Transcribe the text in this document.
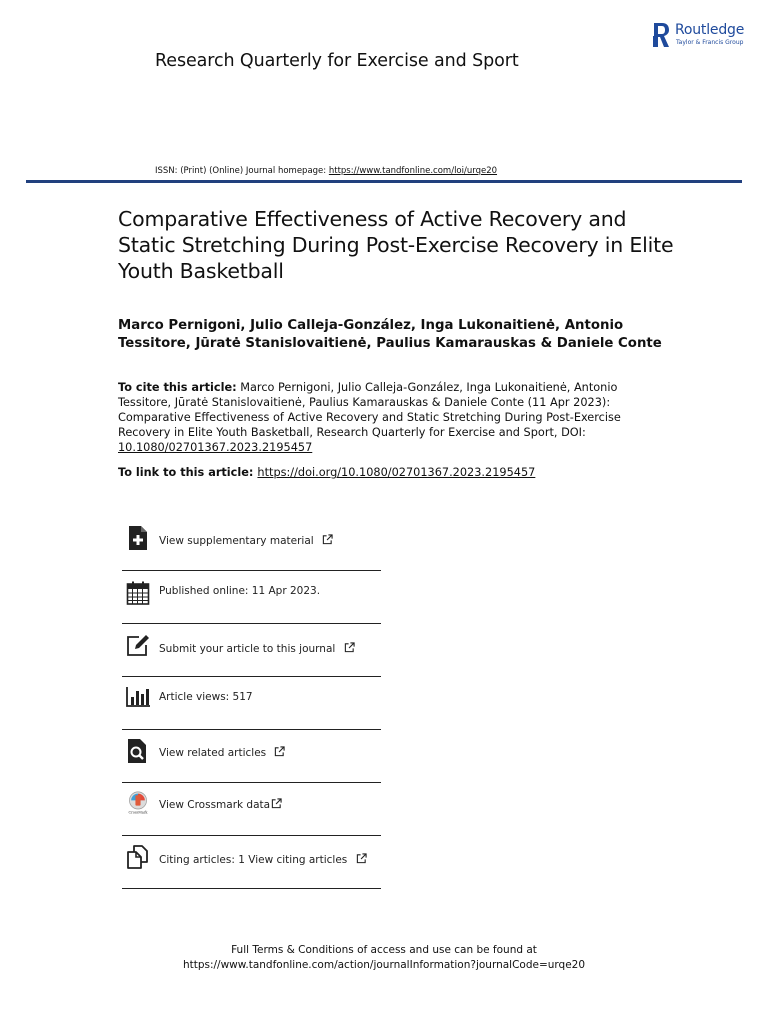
Routledge
Taylor & Francis Group
Research Quarterly for Exercise and Sport
ISSN: (Print) (Online) Journal homepage: https://www.tandfonline.com/loi/urqe20
Comparative Effectiveness of Active Recovery and Static Stretching During Post-Exercise Recovery in Elite Youth Basketball
Marco Pernigoni, Julio Calleja-González, Inga Lukonaitienė, Antonio Tessitore, Jūratė Stanislovaitienė, Paulius Kamarauskas & Daniele Conte
To cite this article: Marco Pernigoni, Julio Calleja-González, Inga Lukonaitienė, Antonio Tessitore, Jūratė Stanislovaitienė, Paulius Kamarauskas & Daniele Conte (11 Apr 2023): Comparative Effectiveness of Active Recovery and Static Stretching During Post-Exercise Recovery in Elite Youth Basketball, Research Quarterly for Exercise and Sport, DOI: 10.1080/02701367.2023.2195457
To link to this article: https://doi.org/10.1080/02701367.2023.2195457
View supplementary material
Published online: 11 Apr 2023.
Submit your article to this journal
Article views: 517
View related articles
CrossMark
View Crossmark data
Citing articles: 1 View citing articles
Full Terms & Conditions of access and use can be found at
https://www.tandfonline.com/action/journalInformation?journalCode=urqe20
